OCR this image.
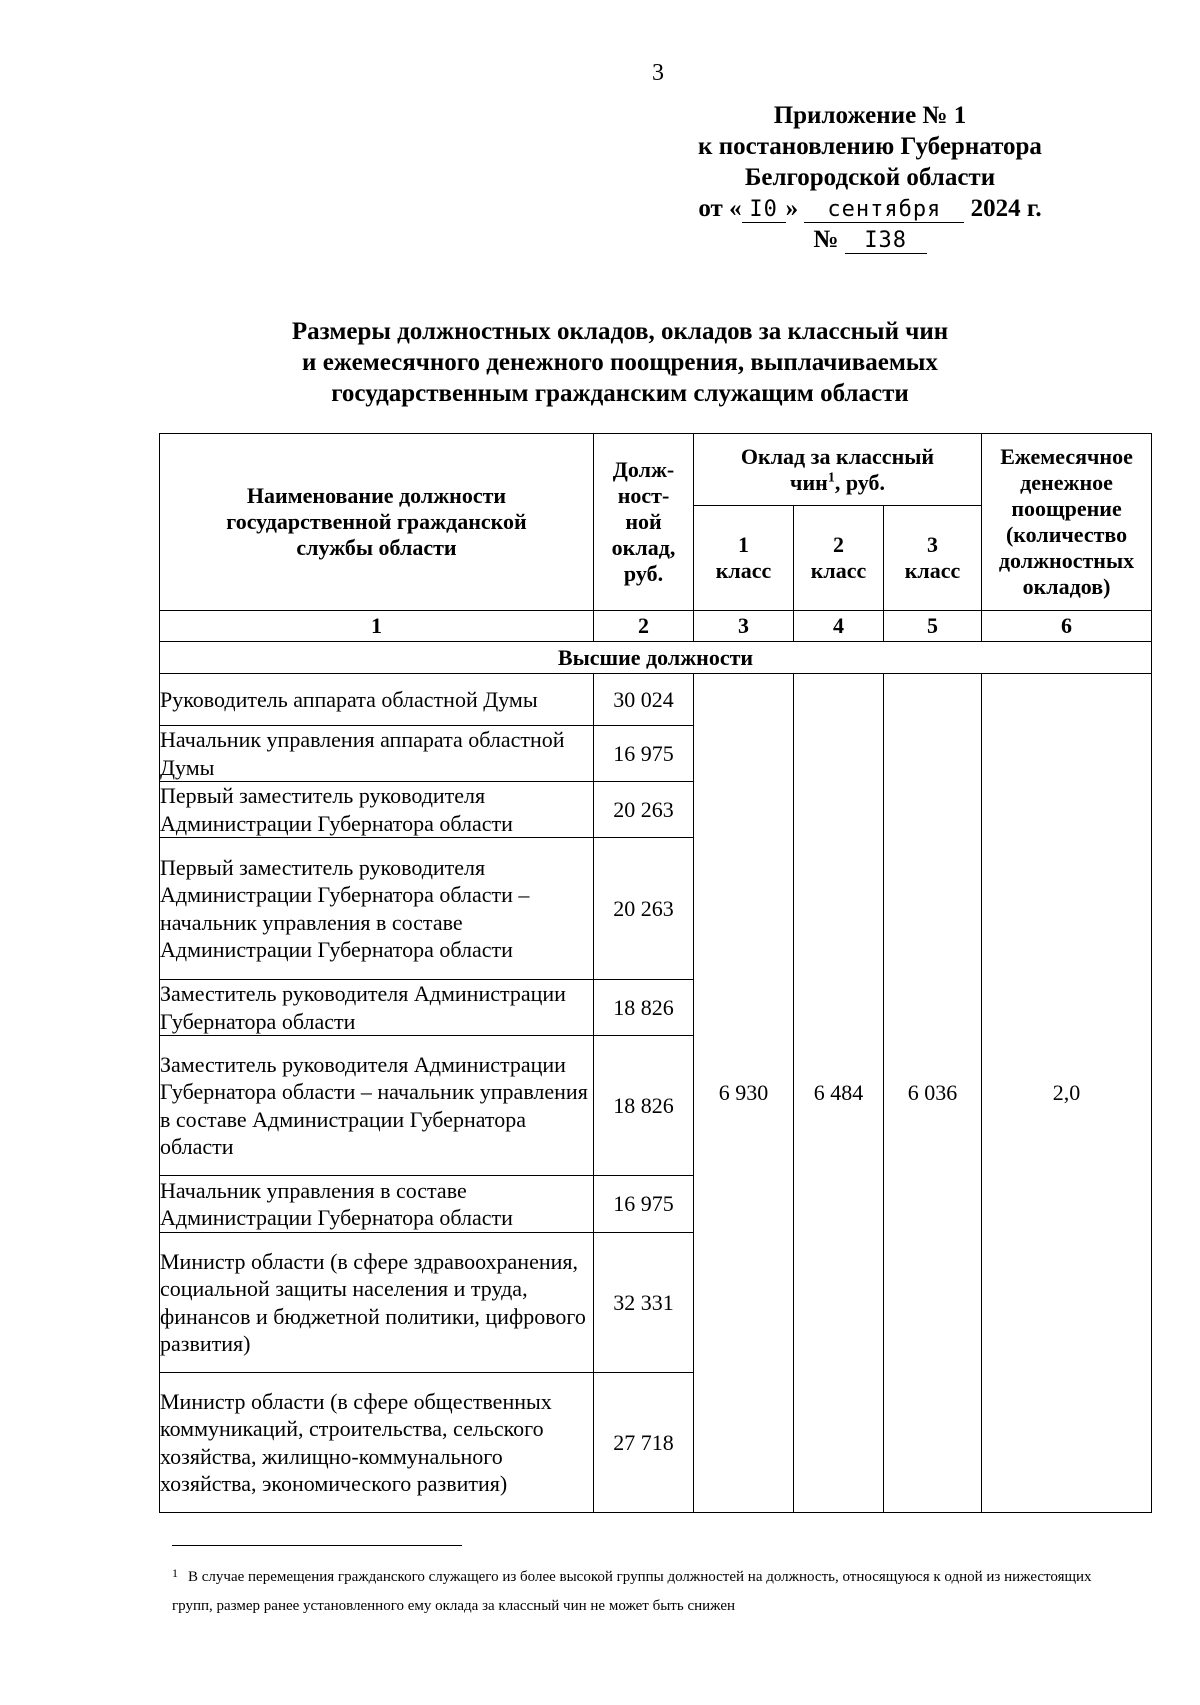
3
Приложение № 1
к постановлению Губернатора
Белгородской области
от « I0 » сентября 2024 г.
№ I38
Размеры должностных окладов, окладов за классный чин
и ежемесячного денежного поощрения, выплачиваемых
государственным гражданским служащим области
Наименование должности государственной гражданской службы области	Долж-ност-ной оклад, руб.	Оклад за классный чин$^1$, руб.			Ежемесячное денежное поощрение (количество должностных окладов)
		1 класс	2 класс	3 класс	
1	2	3	4	5	6
Высшие должности					
Руководитель аппарата областной Думы	30 024	6 930	6 484	6 036	2,0
Начальник управления аппарата областной Думы	16 975				
Первый заместитель руководителя Администрации Губернатора области	20 263				
Первый заместитель руководителя Администрации Губернатора области – начальник управления в составе Администрации Губернатора области	20 263				
Заместитель руководителя Администрации Губернатора области	18 826				
Заместитель руководителя Администрации Губернатора области – начальник управления в составе Администрации Губернатора области	18 826				
Начальник управления в составе Администрации Губернатора области	16 975				
Министр области (в сфере здравоохранения, социальной защиты населения и труда, финансов и бюджетной политики, цифрового развития)	32 331				
Министр области (в сфере общественных коммуникаций, строительства, сельского хозяйства, жилищно-коммунального хозяйства, экономического развития)	27 718				
1 В случае перемещения гражданского служащего из более высокой группы должностей на должность, относящуюся к одной из нижестоящих групп, размер ранее установленного ему оклада за классный чин не может быть снижен
